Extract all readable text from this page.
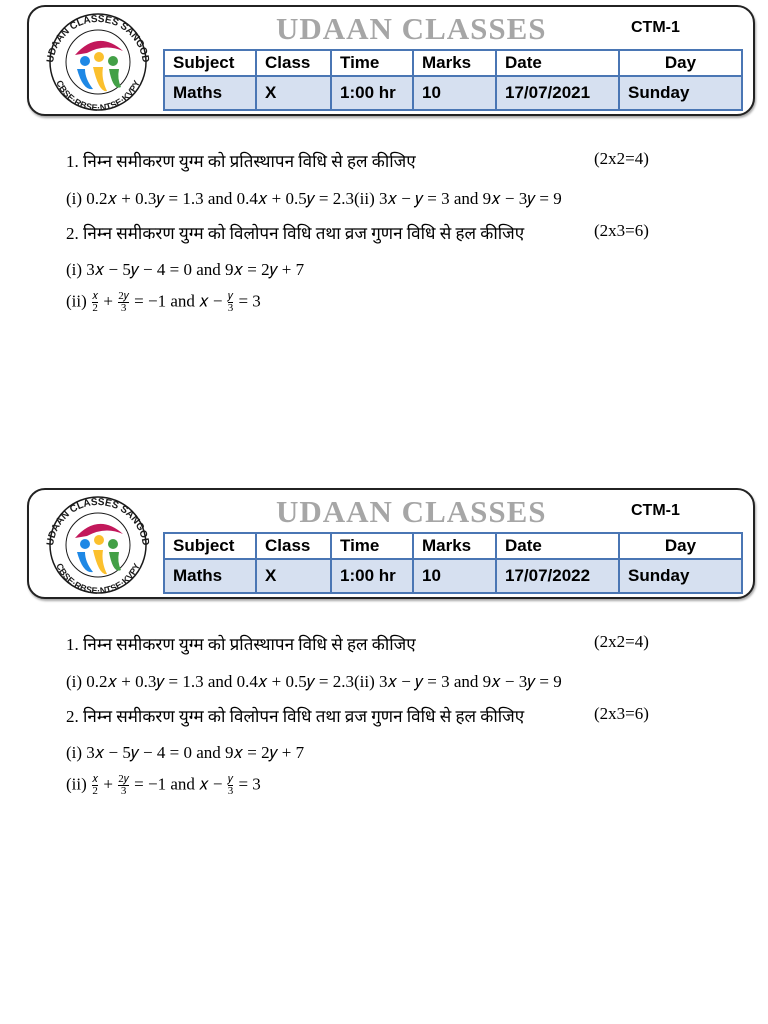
UDAAN CLASSES SANGOD
CBSE·RBSE·NTSE·KVPY
UDAAN CLASSES	CTM-1
Subject	Class	Time	Marks	Date	Day
Maths	X	1:00 hr	10	17/07/2021	Sunday
1. निम्न समीकरण युग्म को प्रतिस्थापन विधि से हल कीजिए	(2x2=4)
(i) 0.2𝑥 + 0.3𝑦 = 1.3 and 0.4𝑥 + 0.5𝑦 = 2.3(ii) 3𝑥 − 𝑦 = 3 and 9𝑥 − 3𝑦 = 9
2. निम्न समीकरण युग्म को विलोपन विधि तथा व्रज गुणन विधि से हल कीजिए	(2x3=6)
(i) 3𝑥 − 5𝑦 − 4 = 0 and 9𝑥 = 2𝑦 + 7
$(ii) \frac{\text{𝑥}}{2} + \frac{\text{2𝑦}}{3} = -1$ and 𝑥 − $\frac{\text{𝑦}}{3} = 3$
UDAAN CLASSES SANGOD
CBSE·RBSE·NTSE·KVPY
UDAAN CLASSES	CTM-1
Subject	Class	Time	Marks	Date	Day
Maths	X	1:00 hr	10	17/07/2022	Sunday
1. निम्न समीकरण युग्म को प्रतिस्थापन विधि से हल कीजिए	(2x2=4)
(i) 0.2𝑥 + 0.3𝑦 = 1.3 and 0.4𝑥 + 0.5𝑦 = 2.3(ii) 3𝑥 − 𝑦 = 3 and 9𝑥 − 3𝑦 = 9
2. निम्न समीकरण युग्म को विलोपन विधि तथा व्रज गुणन विधि से हल कीजिए	(2x3=6)
(i) 3𝑥 − 5𝑦 − 4 = 0 and 9𝑥 = 2𝑦 + 7
$(ii) \frac{\text{𝑥}}{2} + \frac{\text{2𝑦}}{3} = -1$ and 𝑥 − $\frac{\text{𝑦}}{3} = 3$
